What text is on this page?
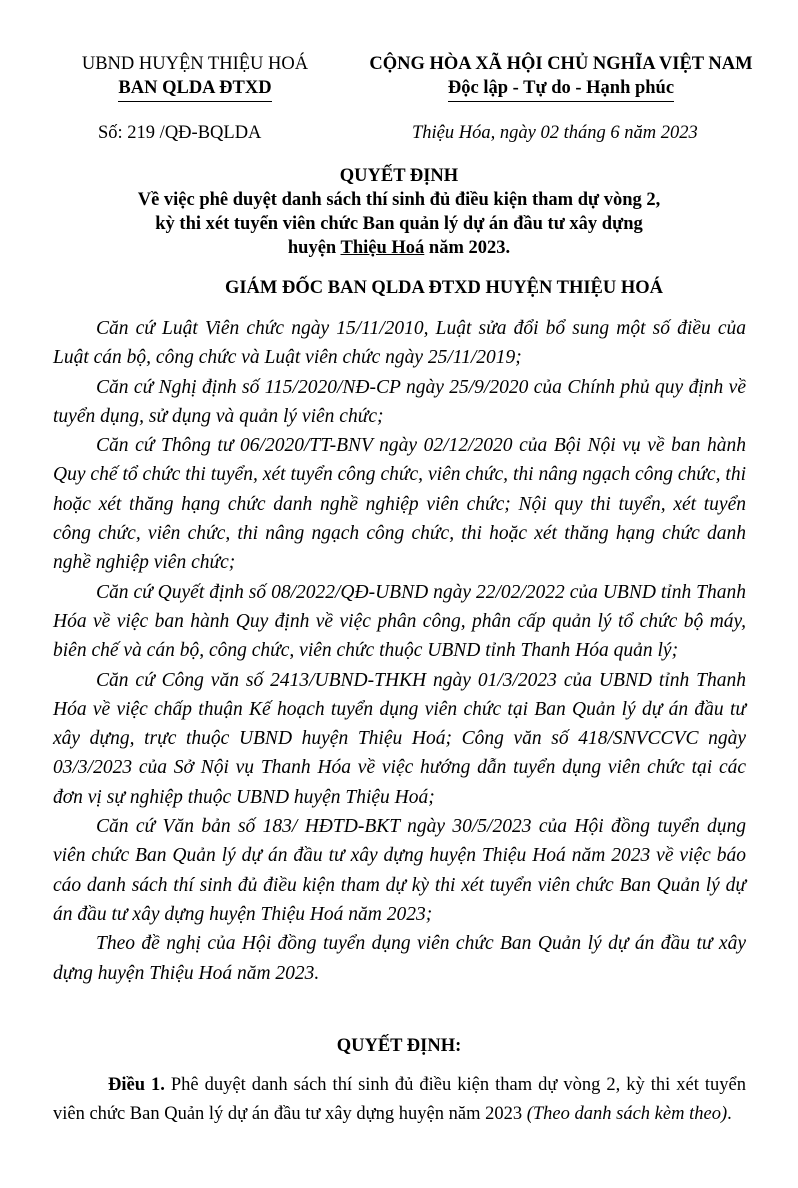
UBND HUYỆN THIỆU HOÁ
BAN QLDA ĐTXD
CỘNG HÒA XÃ HỘI CHỦ NGHĨA VIỆT NAM
Độc lập - Tự do - Hạnh phúc
Số: 219 /QĐ-BQLDA	Thiệu Hóa, ngày 02 tháng 6 năm 2023
QUYẾT ĐỊNH
Về việc phê duyệt danh sách thí sinh đủ điều kiện tham dự vòng 2,
kỳ thi xét tuyển viên chức Ban quản lý dự án đầu tư xây dựng
huyện Thiệu Hoá năm 2023.
GIÁM ĐỐC BAN QLDA ĐTXD HUYỆN THIỆU HOÁ

Căn cứ Luật Viên chức ngày 15/11/2010, Luật sửa đổi bổ sung một số điều của Luật cán bộ, công chức và Luật viên chức ngày 25/11/2019;

Căn cứ Nghị định số 115/2020/NĐ-CP ngày 25/9/2020 của Chính phủ quy định về tuyển dụng, sử dụng và quản lý viên chức;

Căn cứ Thông tư 06/2020/TT-BNV ngày 02/12/2020 của Bội Nội vụ về ban hành Quy chế tổ chức thi tuyển, xét tuyển công chức, viên chức, thi nâng ngạch công chức, thi hoặc xét thăng hạng chức danh nghề nghiệp viên chức; Nội quy thi tuyển, xét tuyển công chức, viên chức, thi nâng ngạch công chức, thi hoặc xét thăng hạng chức danh nghề nghiệp viên chức;

Căn cứ Quyết định số 08/2022/QĐ-UBND ngày 22/02/2022 của UBND tỉnh Thanh Hóa về việc ban hành Quy định về việc phân công, phân cấp quản lý tổ chức bộ máy, biên chế và cán bộ, công chức, viên chức thuộc UBND tỉnh Thanh Hóa quản lý;

Căn cứ Công văn số 2413/UBND-THKH ngày 01/3/2023 của UBND tỉnh Thanh Hóa về việc chấp thuận Kế hoạch tuyển dụng viên chức tại Ban Quản lý dự án đầu tư xây dựng, trực thuộc UBND huyện Thiệu Hoá; Công văn số 418/SNVCCVC ngày 03/3/2023 của Sở Nội vụ Thanh Hóa về việc hướng dẫn tuyển dụng viên chức tại các đơn vị sự nghiệp thuộc UBND huyện Thiệu Hoá;

Căn cứ Văn bản số 183/ HĐTD-BKT ngày 30/5/2023 của Hội đồng tuyển dụng viên chức Ban Quản lý dự án đầu tư xây dựng huyện Thiệu Hoá năm 2023 về việc báo cáo danh sách thí sinh đủ điều kiện tham dự kỳ thi xét tuyển viên chức Ban Quản lý dự án đầu tư xây dựng huyện Thiệu Hoá năm 2023;

Theo đề nghị của Hội đồng tuyển dụng viên chức Ban Quản lý dự án đầu tư xây dựng huyện Thiệu Hoá năm 2023.

QUYẾT ĐỊNH:
Điều 1. Phê duyệt danh sách thí sinh đủ điều kiện tham dự vòng 2, kỳ thi xét tuyển viên chức Ban Quản lý dự án đầu tư xây dựng huyện năm 2023 (Theo danh sách kèm theo).
